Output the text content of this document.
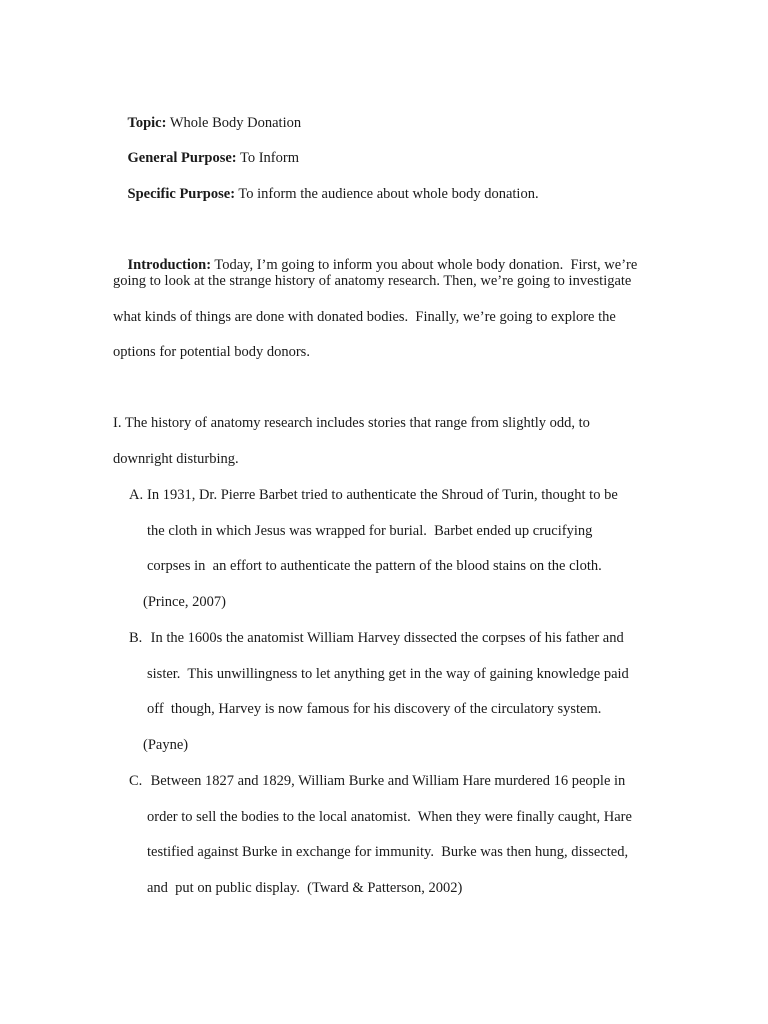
Topic: Whole Body Donation

General Purpose: To Inform

Specific Purpose: To inform the audience about whole body donation.

Introduction: Today, I’m going to inform you about whole body donation.  First, we’re

going to look at the strange history of anatomy research. Then, we’re going to investigate
what kinds of things are done with donated bodies.  Finally, we’re going to explore the
options for potential body donors.
I. The history of anatomy research includes stories that range from slightly odd, to
downright disturbing.
A. In 1931, Dr. Pierre Barbet tried to authenticate the Shroud of Turin, thought to be
the cloth in which Jesus was wrapped for burial.  Barbet ended up crucifying
corpses in  an effort to authenticate the pattern of the blood stains on the cloth.
(Prince, 2007)
B. In the 1600s the anatomist William Harvey dissected the corpses of his father and
sister.  This unwillingness to let anything get in the way of gaining knowledge paid
off  though, Harvey is now famous for his discovery of the circulatory system.
(Payne)
C. Between 1827 and 1829, William Burke and William Hare murdered 16 people in
order to sell the bodies to the local anatomist.  When they were finally caught, Hare
testified against Burke in exchange for immunity.  Burke was then hung, dissected,
and  put on public display.  (Tward & Patterson, 2002)
